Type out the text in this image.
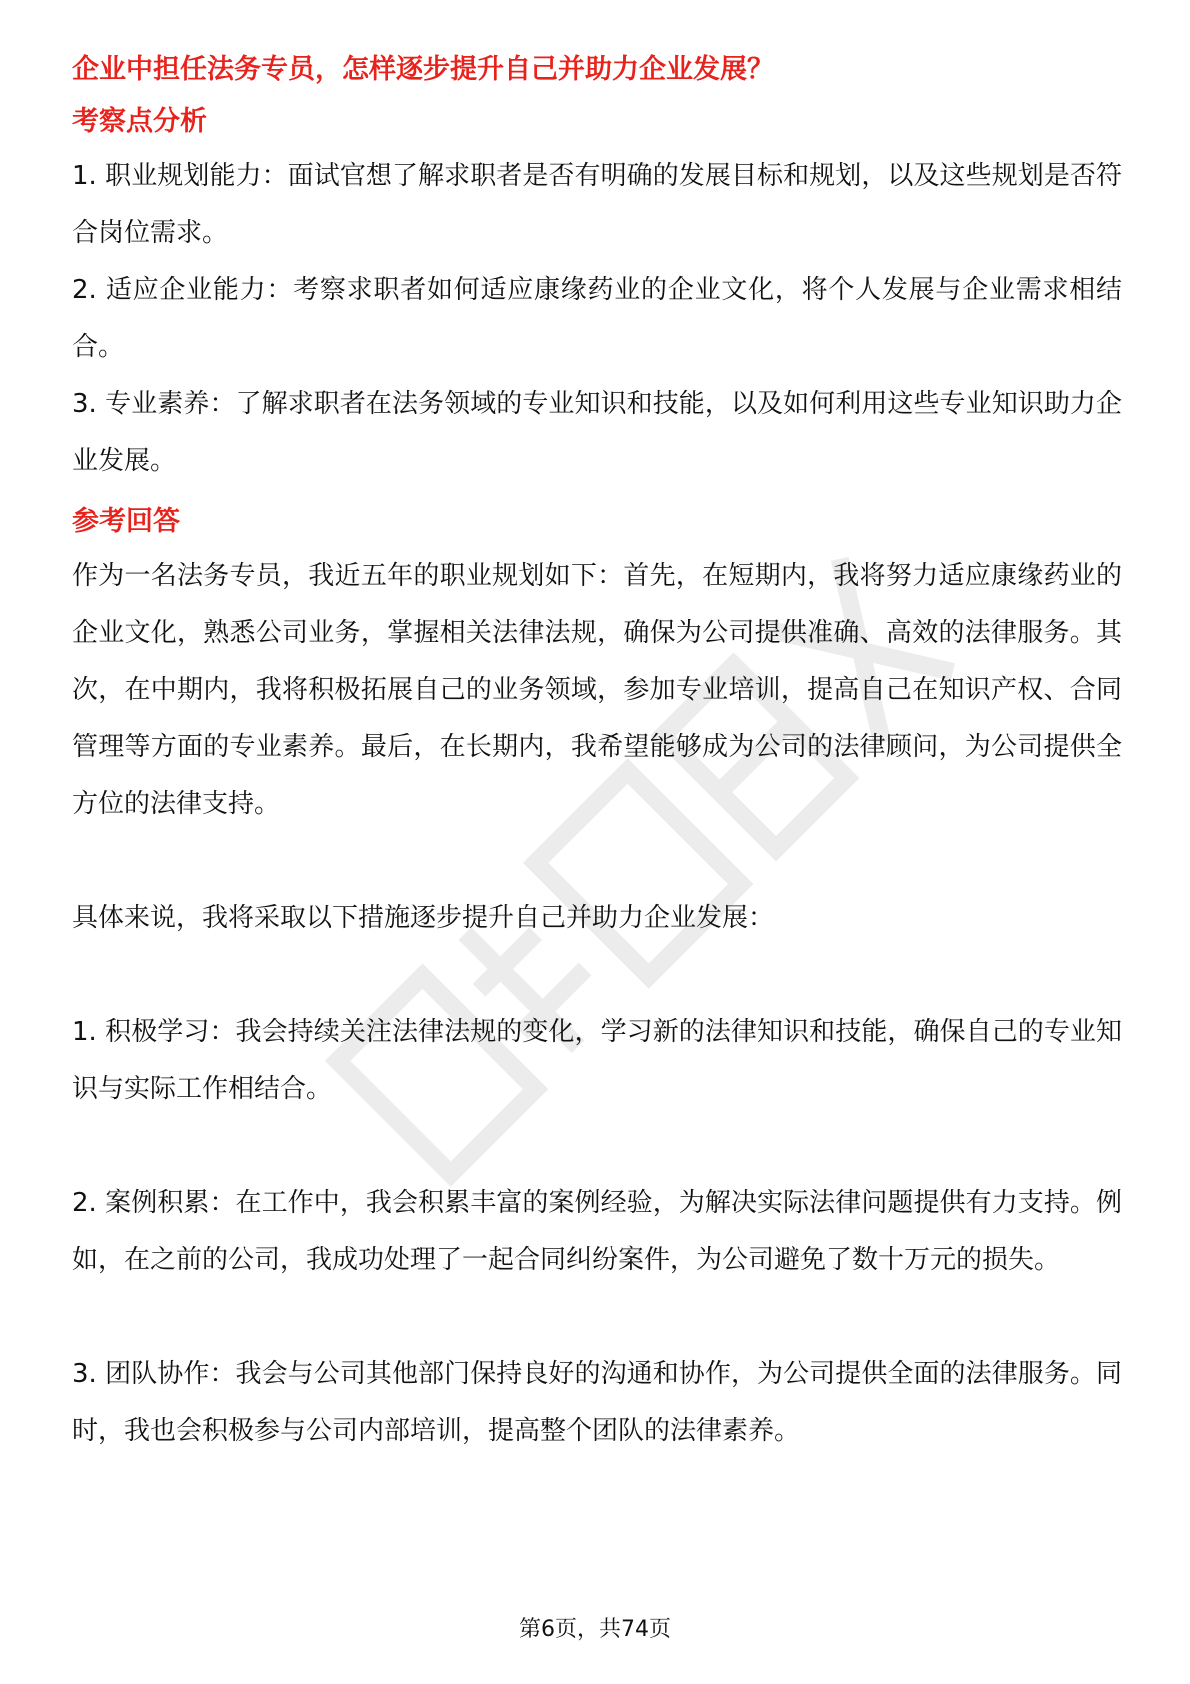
企业中担任法务专员，怎样逐步提升自己并助力企业发展？

考察点分析

1. 职业规划能力：面试官想了解求职者是否有明确的发展目标和规划，以及这些规划是否符合岗位需求。

2. 适应企业能力：考察求职者如何适应康缘药业的企业文化，将个人发展与企业需求相结合。

3. 专业素养：了解求职者在法务领域的专业知识和技能，以及如何利用这些专业知识助力企业发展。

参考回答

作为一名法务专员，我近五年的职业规划如下：首先，在短期内，我将努力适应康缘药业的企业文化，熟悉公司业务，掌握相关法律法规，确保为公司提供准确、高效的法律服务。其次，在中期内，我将积极拓展自己的业务领域，参加专业培训，提高自己在知识产权、合同管理等方面的专业素养。最后，在长期内，我希望能够成为公司的法律顾问，为公司提供全方位的法律支持。

具体来说，我将采取以下措施逐步提升自己并助力企业发展：

1. 积极学习：我会持续关注法律法规的变化，学习新的法律知识和技能，确保自己的专业知识与实际工作相结合。

2. 案例积累：在工作中，我会积累丰富的案例经验，为解决实际法律问题提供有力支持。例如，在之前的公司，我成功处理了一起合同纠纷案件，为公司避免了数十万元的损失。

3. 团队协作：我会与公司其他部门保持良好的沟通和协作，为公司提供全面的法律服务。同时，我也会积极参与公司内部培训，提高整个团队的法律素养。

第6页，共74页
